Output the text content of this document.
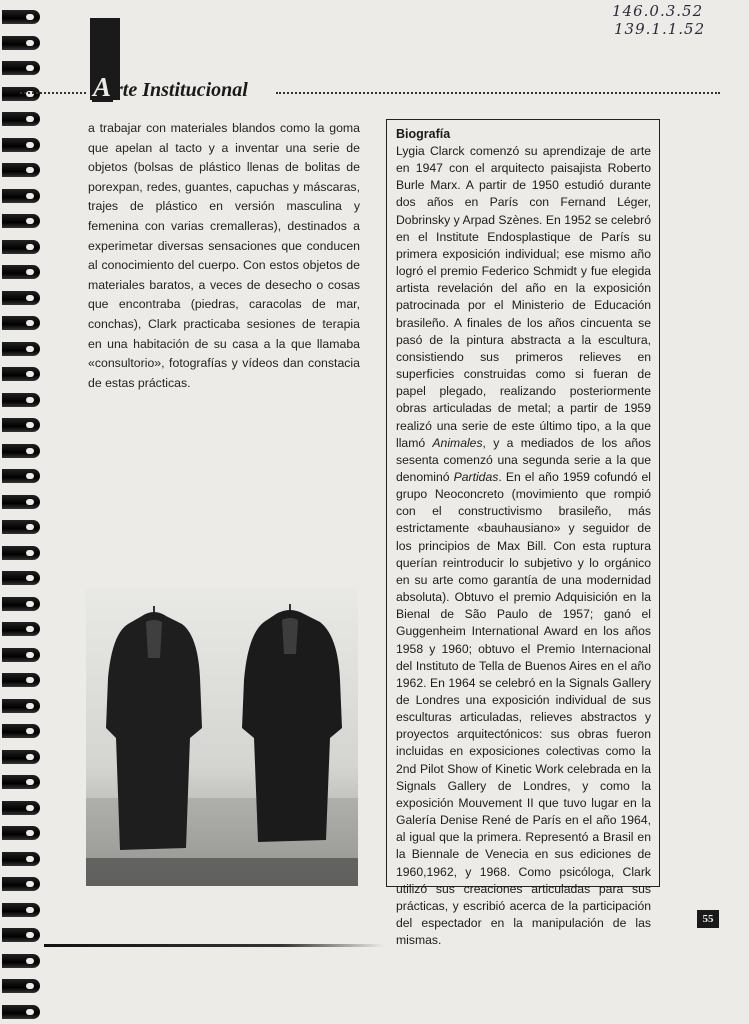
146.0.3.52
139.1.1.52
A rte Institucional
a trabajar con materiales blandos como la goma que apelan al tacto y a inventar una serie de objetos (bolsas de plástico llenas de bolitas de porexpan, redes, guantes, capuchas y máscaras, trajes de plástico en versión masculina y femenina con varias cremalleras), destinados a experimetar diversas sensaciones que conducen al conocimiento del cuerpo. Con estos objetos de materiales baratos, a veces de desecho o cosas que encontraba (piedras, caracolas de mar, conchas), Clark practicaba sesiones de terapia en una habitación de su casa a la que llamaba «consultorio», fotografías y vídeos dan constacia de estas prácticas.
Biografía
Lygia Clarck comenzó su aprendizaje de arte en 1947 con el arquitecto paisajista Roberto Burle Marx. A partir de 1950 estudió durante dos años en París con Fernand Léger, Dobrinsky y Arpad Szènes. En 1952 se celebró en el Institute Endosplastique de París su primera exposición individual; ese mismo año logró el premio Federico Schmidt y fue elegida artista revelación del año en la exposición patrocinada por el Ministerio de Educación brasileño. A finales de los años cincuenta se pasó de la pintura abstracta a la escultura, consistiendo sus primeros relieves en superficies construidas como si fueran de papel plegado, realizando posteriormente obras articuladas de metal; a partir de 1959 realizó una serie de este último tipo, a la que llamó Animales, y a mediados de los años sesenta comenzó una segunda serie a la que denominó Partidas. En el año 1959 cofundó el grupo Neoconcreto (movimiento que rompió con el constructivismo brasileño, más estrictamente «bauhausiano» y seguidor de los principios de Max Bill. Con esta ruptura querían reintroducir lo subjetivo y lo orgánico en su arte como garantía de una modernidad absoluta). Obtuvo el premio Adquisición en la Bienal de São Paulo de 1957; ganó el Guggenheim International Award en los años 1958 y 1960; obtuvo el Premio Internacional del Instituto de Tella de Buenos Aires en el año 1962. En 1964 se celebró en la Signals Gallery de Londres una exposición individual de sus esculturas articuladas, relieves abstractos y proyectos arquitectónicos: sus obras fueron incluidas en exposiciones colectivas como la 2nd Pilot Show of Kinetic Work celebrada en la Signals Gallery de Londres, y como la exposición Mouvement II que tuvo lugar en la Galería Denise René de París en el año 1964, al igual que la primera. Representó a Brasil en la Biennale de Venecia en sus ediciones de 1960,1962, y 1968. Como psicóloga, Clark utilizó sus creaciones articuladas para sus prácticas, y escribió acerca de la participación del espectador en la manipulación de las mismas.
55
